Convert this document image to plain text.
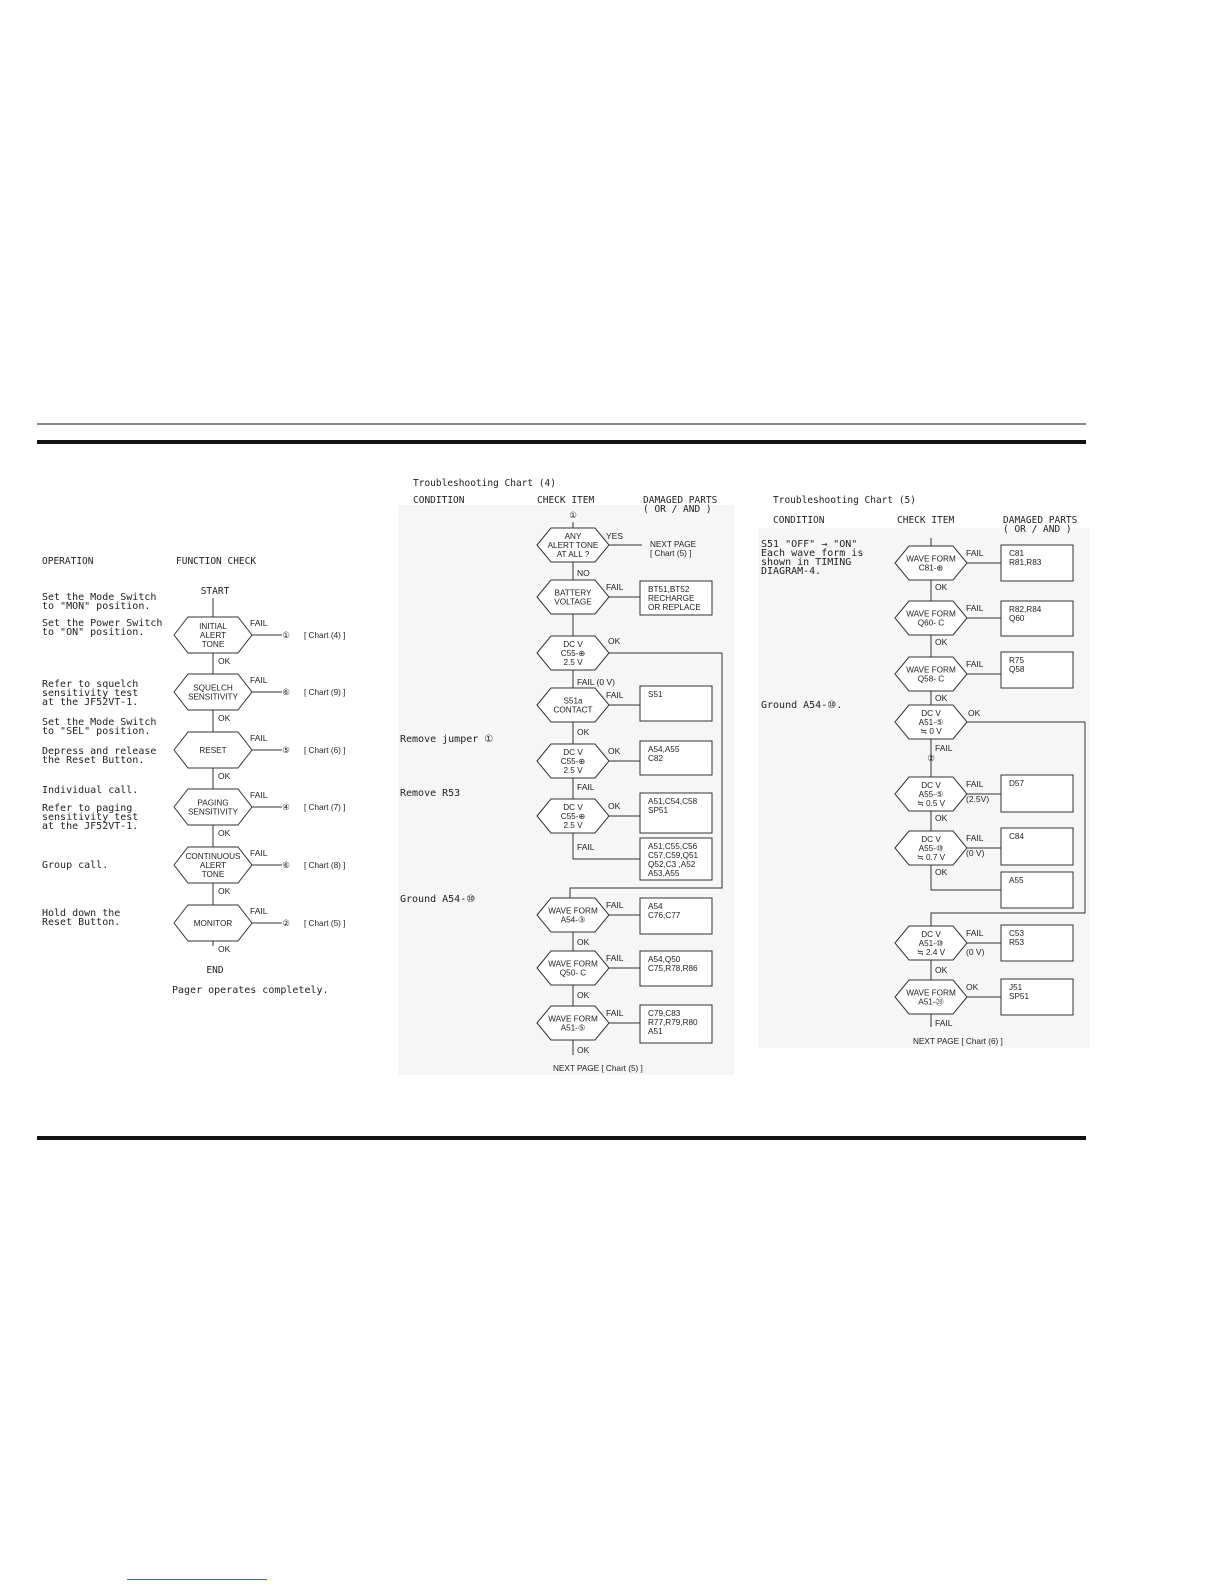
OPERATION	FUNCTION CHECK
START
Set the Mode Switch
to "MON" position.
Set the Power Switch
to "ON" position.
Refer to squelch
sensitivity test
at the JF52VT-1.
Set the Mode Switch
to "SEL" position.
Depress and release
the Reset Button.
Individual call.
Refer to paging
sensitivity test
at the JF52VT-1.
Group call.
Hold down the
Reset Button.
INITIAL
ALERT
TONE
FAIL
① [ Chart (4) ]
OK
SQUELCH
SENSITIVITY
FAIL
⑥ [ Chart (9) ]
OK
RESET
FAIL
⑤ [ Chart (6) ]
OK
PAGING
SENSITIVITY
FAIL
④ [ Chart (7) ]
OK
CONTINUOUS
ALERT
TONE
FAIL
⑥ [ Chart (8) ]
OK
MONITOR
FAIL
② [ Chart (5) ]
OK
END
Pager operates completely.
Troubleshooting Chart (4)
CONDITION	CHECK ITEM	DAMAGED PARTS
( OR / AND )
①
ANY
ALERT TONE
AT ALL ?
BATTERY
VOLTAGE
DC V
C55-⊕
2.5 V
S51a
CONTACT
DC V
C55-⊕
2.5 V
DC V
C55-⊕
2.5 V
WAVE FORM
A54-③
WAVE FORM
Q50- C
WAVE FORM
A51-⑤
YES
NEXT PAGE
[ Chart (5) ]
NO
BT51,BT52
RECHARGE
OR REPLACE
S51
A54,A55
C82
A51,C54,C58
SP51
A51,C55,C56
C57,C59,Q51
Q52,C3 ,A52
A53,A55
A54
C76,C77
A54,Q50
C75,R78,R86
C79,C83
R77,R79,R80
A51
FAIL
FAIL
OK
OK
FAIL
FAIL
FAIL
OK
FAIL (0 V)
OK
FAIL
FAIL
OK
OK
OK
NEXT PAGE [ Chart (5) ]
Remove jumper ①
Remove R53
Ground A54-⑩
Troubleshooting Chart (5)
CONDITION	CHECK ITEM	DAMAGED PARTS
( OR / AND )
S51 "OFF" → "ON"
Each wave form is
shown in TIMING
DIAGRAM-4.
Ground A54-⑩.
WAVE FORM
C81-⊕
WAVE FORM
Q60- C
WAVE FORM
Q58- C
DC V
A51-⑤
≒ 0 V
DC V
A55-⑤
≒ 0.5 V
DC V
A55-⑩
≒ 0.7 V
DC V
A51-⑩
≒ 2.4 V
WAVE FORM
A51-⑳
C81
R81,R83
R82,R84
Q60
R75
Q58
D57
C84
A55
C53
R53
J51
SP51
FAIL
FAIL
FAIL
FAIL
FAIL
FAIL
OK
OK
OK
OK
OK
OK
FAIL
②
OK
(2.5V)
(0 V)
(0 V)
OK
FAIL
NEXT PAGE [ Chart (6) ]
